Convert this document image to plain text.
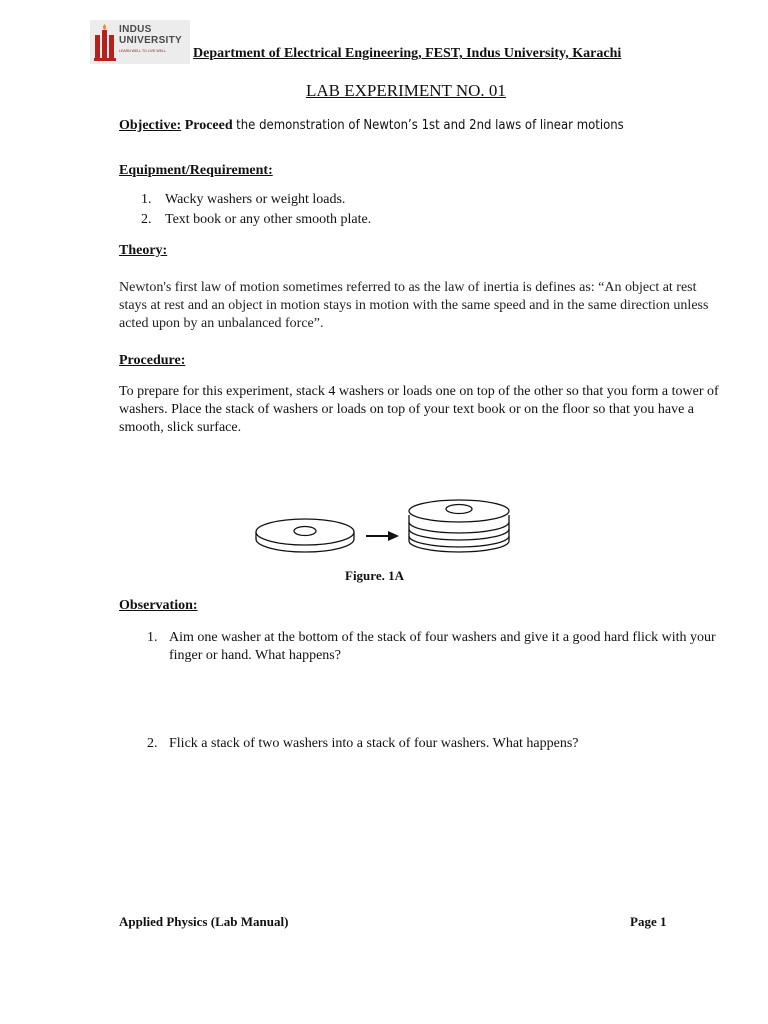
INDUS
UNIVERSITY
LEARN WELL TO LIVE WELL Department of Electrical Engineering, FEST, Indus University, Karachi
LAB EXPERIMENT NO. 01
Objective: Proceed the demonstration of Newton’s 1st and 2nd laws of linear motions
Equipment/Requirement:
1. Wacky washers or weight loads.
2. Text book or any other smooth plate.
Theory:
Newton's first law of motion sometimes referred to as the law of inertia is defines as: “An object at rest stays at rest and an object in motion stays in motion with the same speed and in the same direction unless acted upon by an unbalanced force”.
Procedure:
To prepare for this experiment, stack 4 washers or loads one on top of the other so that you form a tower of washers. Place the stack of washers or loads on top of your text book or on the floor so that you have a smooth, slick surface.
Figure. 1A
Observation:
1. Aim one washer at the bottom of the stack of four washers and give it a good hard flick with your finger or hand. What happens?
2. Flick a stack of two washers into a stack of four washers. What happens?
Applied Physics (Lab Manual)	Page 1
